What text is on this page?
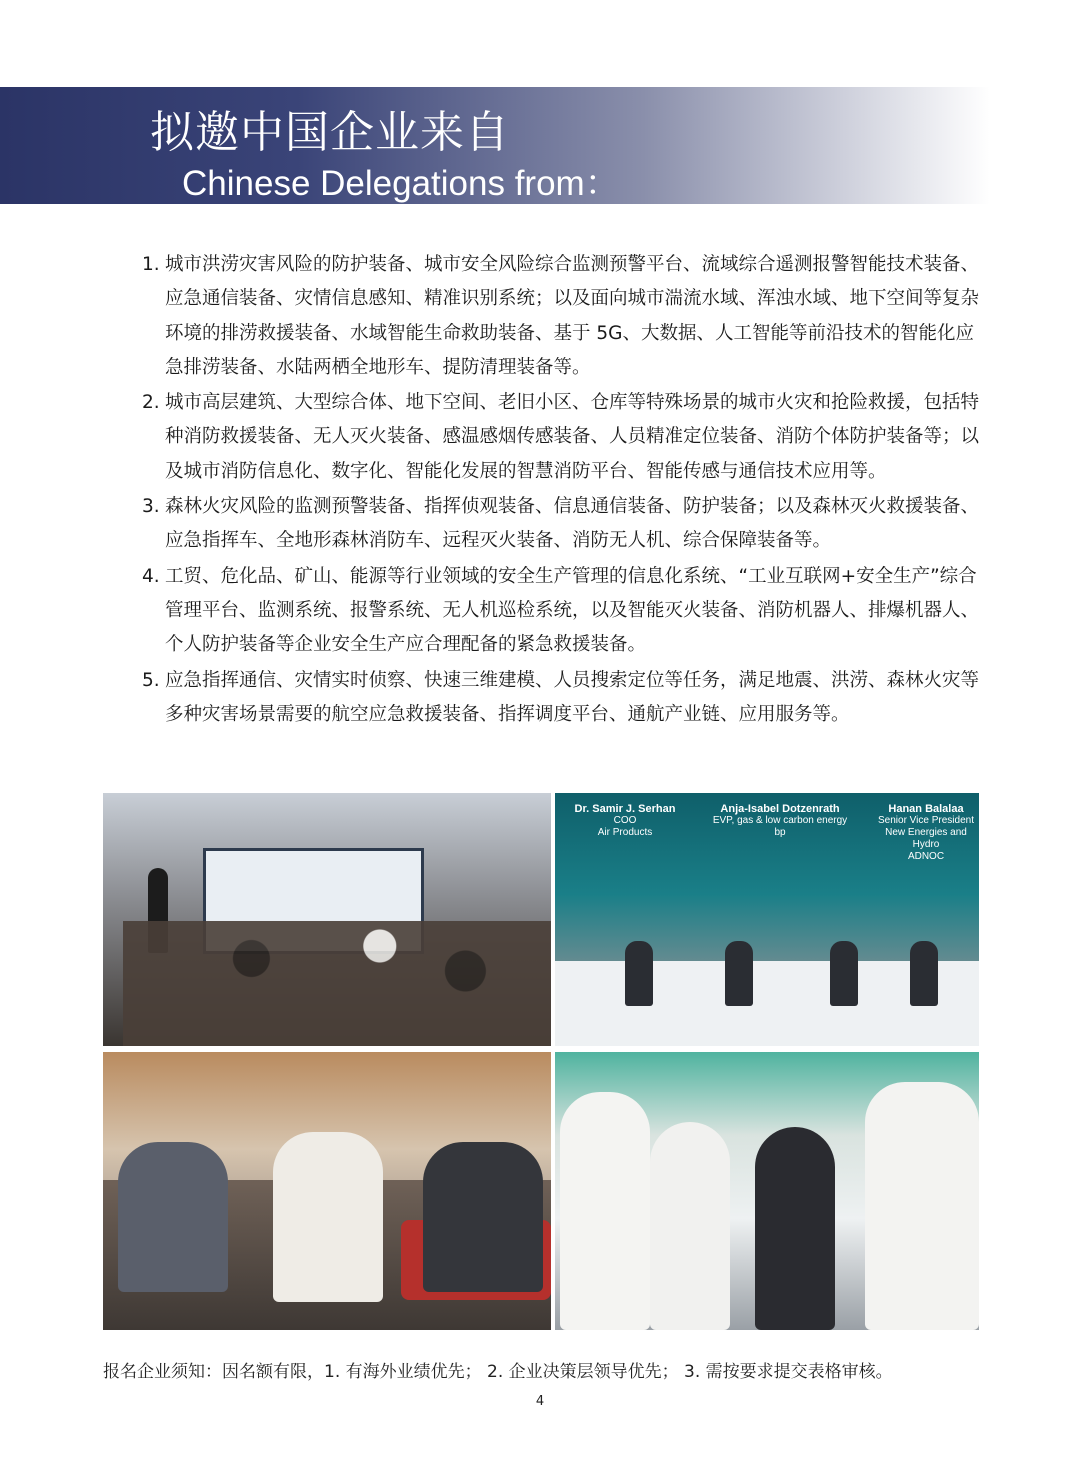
拟邀中国企业来自
Chinese Delegations from：
1. 城市洪涝灾害风险的防护装备、城市安全风险综合监测预警平台、流域综合遥测报警智能技术装备、应急通信装备、灾情信息感知、精准识别系统；以及面向城市湍流水域、浑浊水域、地下空间等复杂环境的排涝救援装备、水域智能生命救助装备、基于 5G、大数据、人工智能等前沿技术的智能化应急排涝装备、水陆两栖全地形车、提防清理装备等。
2. 城市高层建筑、大型综合体、地下空间、老旧小区、仓库等特殊场景的城市火灾和抢险救援，包括特种消防救援装备、无人灭火装备、感温感烟传感装备、人员精准定位装备、消防个体防护装备等；以及城市消防信息化、数字化、智能化发展的智慧消防平台、智能传感与通信技术应用等。
3. 森林火灾风险的监测预警装备、指挥侦观装备、信息通信装备、防护装备；以及森林灭火救援装备、应急指挥车、全地形森林消防车、远程灭火装备、消防无人机、综合保障装备等。
4. 工贸、危化品、矿山、能源等行业领域的安全生产管理的信息化系统、“工业互联网+安全生产”综合管理平台、监测系统、报警系统、无人机巡检系统，以及智能灭火装备、消防机器人、排爆机器人、个人防护装备等企业安全生产应合理配备的紧急救援装备。
5. 应急指挥通信、灾情实时侦察、快速三维建模、人员搜索定位等任务，满足地震、洪涝、森林火灾等多种灾害场景需要的航空应急救援装备、指挥调度平台、通航产业链、应用服务等。
Dr. Samir J. Serhan
COO
Air Products
Anja-Isabel Dotzenrath
EVP, gas & low carbon energy
bp
Hanan Balalaa
Senior Vice President New Energies and Hydro
ADNOC
报名企业须知：因名额有限，1. 有海外业绩优先； 2. 企业决策层领导优先； 3. 需按要求提交表格审核。
4
